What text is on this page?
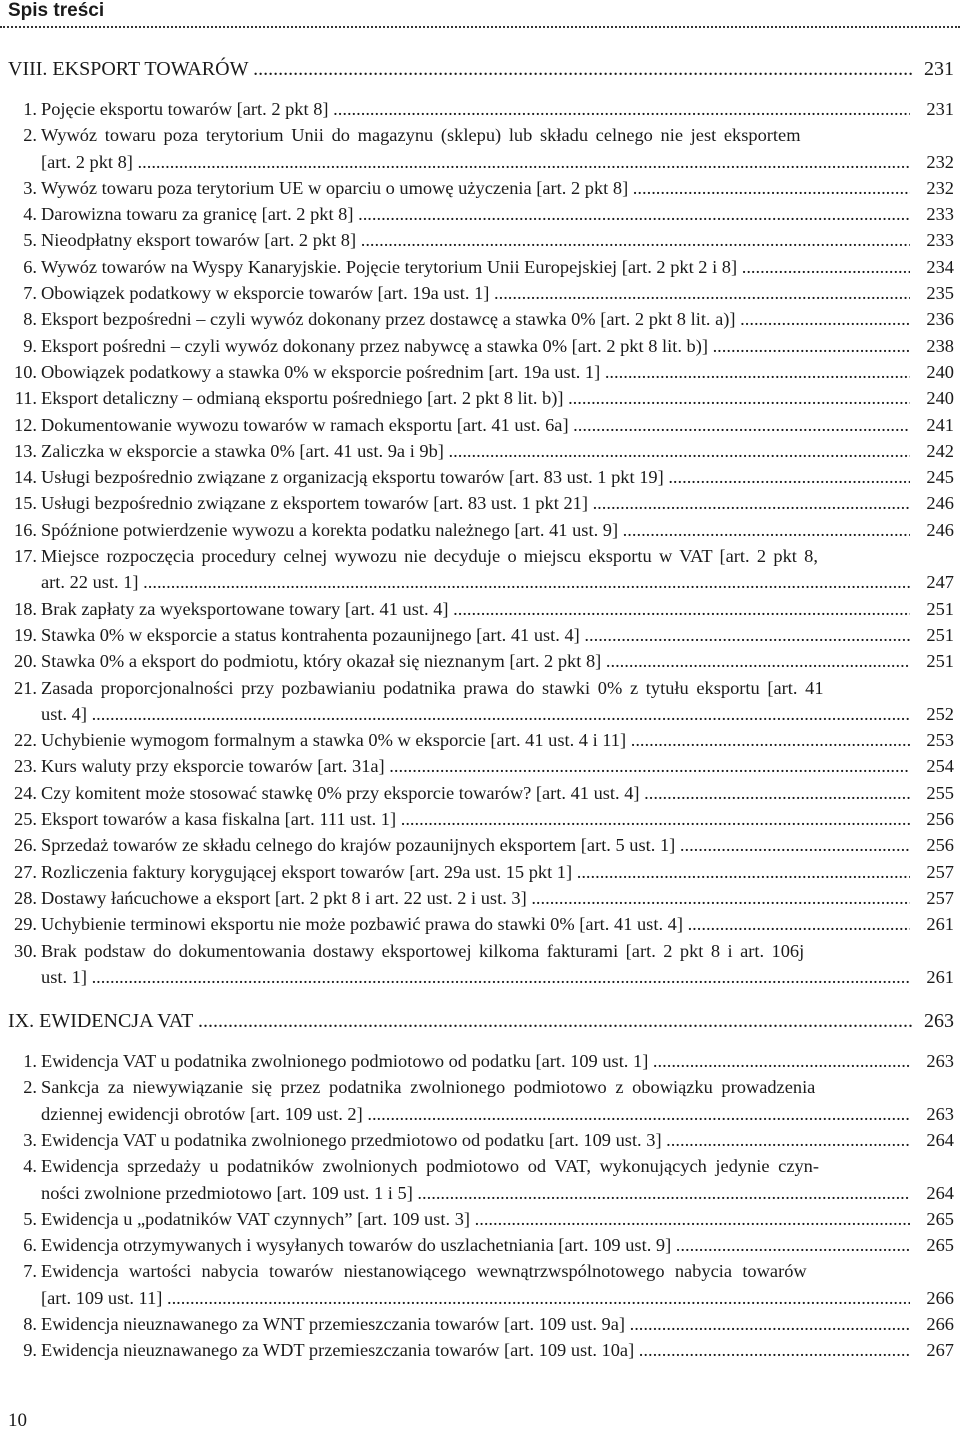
Spis treści
VIII. EKSPORT TOWARÓW .....	231
1. Pojęcie eksportu towarów [art. 2 pkt 8] .....	231
2. Wywóz towaru poza terytorium Unii do magazynu (sklepu) lub składu celnego nie jest eksportem
[art. 2 pkt 8] .....	232
3. Wywóz towaru poza terytorium UE w oparciu o umowę użyczenia [art. 2 pkt 8] .....	232
4. Darowizna towaru za granicę [art. 2 pkt 8] .....	233
5. Nieodpłatny eksport towarów [art. 2 pkt 8] .....	233
6. Wywóz towarów na Wyspy Kanaryjskie. Pojęcie terytorium Unii Europejskiej [art. 2 pkt 2 i 8] .....	234
7. Obowiązek podatkowy w eksporcie towarów [art. 19a ust. 1] .....	235
8. Eksport bezpośredni – czyli wywóz dokonany przez dostawcę a stawka 0% [art. 2 pkt 8 lit. a)] .....	236
9. Eksport pośredni – czyli wywóz dokonany przez nabywcę a stawka 0% [art. 2 pkt 8 lit. b)] .....	238
10. Obowiązek podatkowy a stawka 0% w eksporcie pośrednim [art. 19a ust. 1] .....	240
11. Eksport detaliczny – odmianą eksportu pośredniego [art. 2 pkt 8 lit. b)] .....	240
12. Dokumentowanie wywozu towarów w ramach eksportu [art. 41 ust. 6a] .....	241
13. Zaliczka w eksporcie a stawka 0% [art. 41 ust. 9a i 9b] .....	242
14. Usługi bezpośrednio związane z organizacją eksportu towarów [art. 83 ust. 1 pkt 19] .....	245
15. Usługi bezpośrednio związane z eksportem towarów [art. 83 ust. 1 pkt 21] .....	246
16. Spóźnione potwierdzenie wywozu a korekta podatku należnego [art. 41 ust. 9] .....	246
17. Miejsce rozpoczęcia procedury celnej wywozu nie decyduje o miejscu eksportu w VAT [art. 2 pkt 8,
art. 22 ust. 1] .....	247
18. Brak zapłaty za wyeksportowane towary [art. 41 ust. 4] .....	251
19. Stawka 0% w eksporcie a status kontrahenta pozaunijnego [art. 41 ust. 4] .....	251
20. Stawka 0% a eksport do podmiotu, który okazał się nieznanym [art. 2 pkt 8] .....	251
21. Zasada proporcjonalności przy pozbawianiu podatnika prawa do stawki 0% z tytułu eksportu [art. 41
ust. 4] .....	252
22. Uchybienie wymogom formalnym a stawka 0% w eksporcie [art. 41 ust. 4 i 11] .....	253
23. Kurs waluty przy eksporcie towarów [art. 31a] .....	254
24. Czy komitent może stosować stawkę 0% przy eksporcie towarów? [art. 41 ust. 4] .....	255
25. Eksport towarów a kasa fiskalna [art. 111 ust. 1] .....	256
26. Sprzedaż towarów ze składu celnego do krajów pozaunijnych eksportem [art. 5 ust. 1] .....	256
27. Rozliczenia faktury korygującej eksport towarów [art. 29a ust. 15 pkt 1] .....	257
28. Dostawy łańcuchowe a eksport [art. 2 pkt 8 i art. 22 ust. 2 i ust. 3] .....	257
29. Uchybienie terminowi eksportu nie może pozbawić prawa do stawki 0% [art. 41 ust. 4] .....	261
30. Brak podstaw do dokumentowania dostawy eksportowej kilkoma fakturami [art. 2 pkt 8 i art. 106j
ust. 1] .....	261
IX. EWIDENCJA VAT .....	263
1. Ewidencja VAT u podatnika zwolnionego podmiotowo od podatku [art. 109 ust. 1] .....	263
2. Sankcja za niewywiązanie się przez podatnika zwolnionego podmiotowo z obowiązku prowadzenia
dziennej ewidencji obrotów [art. 109 ust. 2] .....	263
3. Ewidencja VAT u podatnika zwolnionego przedmiotowo od podatku [art. 109 ust. 3] .....	264
4. Ewidencja sprzedaży u podatników zwolnionych podmiotowo od VAT, wykonujących jedynie czyn-
ności zwolnione przedmiotowo [art. 109 ust. 1 i 5] .....	264
5. Ewidencja u „podatników VAT czynnych” [art. 109 ust. 3] .....	265
6. Ewidencja otrzymywanych i wysyłanych towarów do uszlachetniania [art. 109 ust. 9] .....	265
7. Ewidencja wartości nabycia towarów niestanowiącego wewnątrzwspólnotowego nabycia towarów
[art. 109 ust. 11] .....	266
8. Ewidencja nieuznawanego za WNT przemieszczania towarów [art. 109 ust. 9a] .....	266
9. Ewidencja nieuznawanego za WDT przemieszczania towarów [art. 109 ust. 10a] .....	267
10
